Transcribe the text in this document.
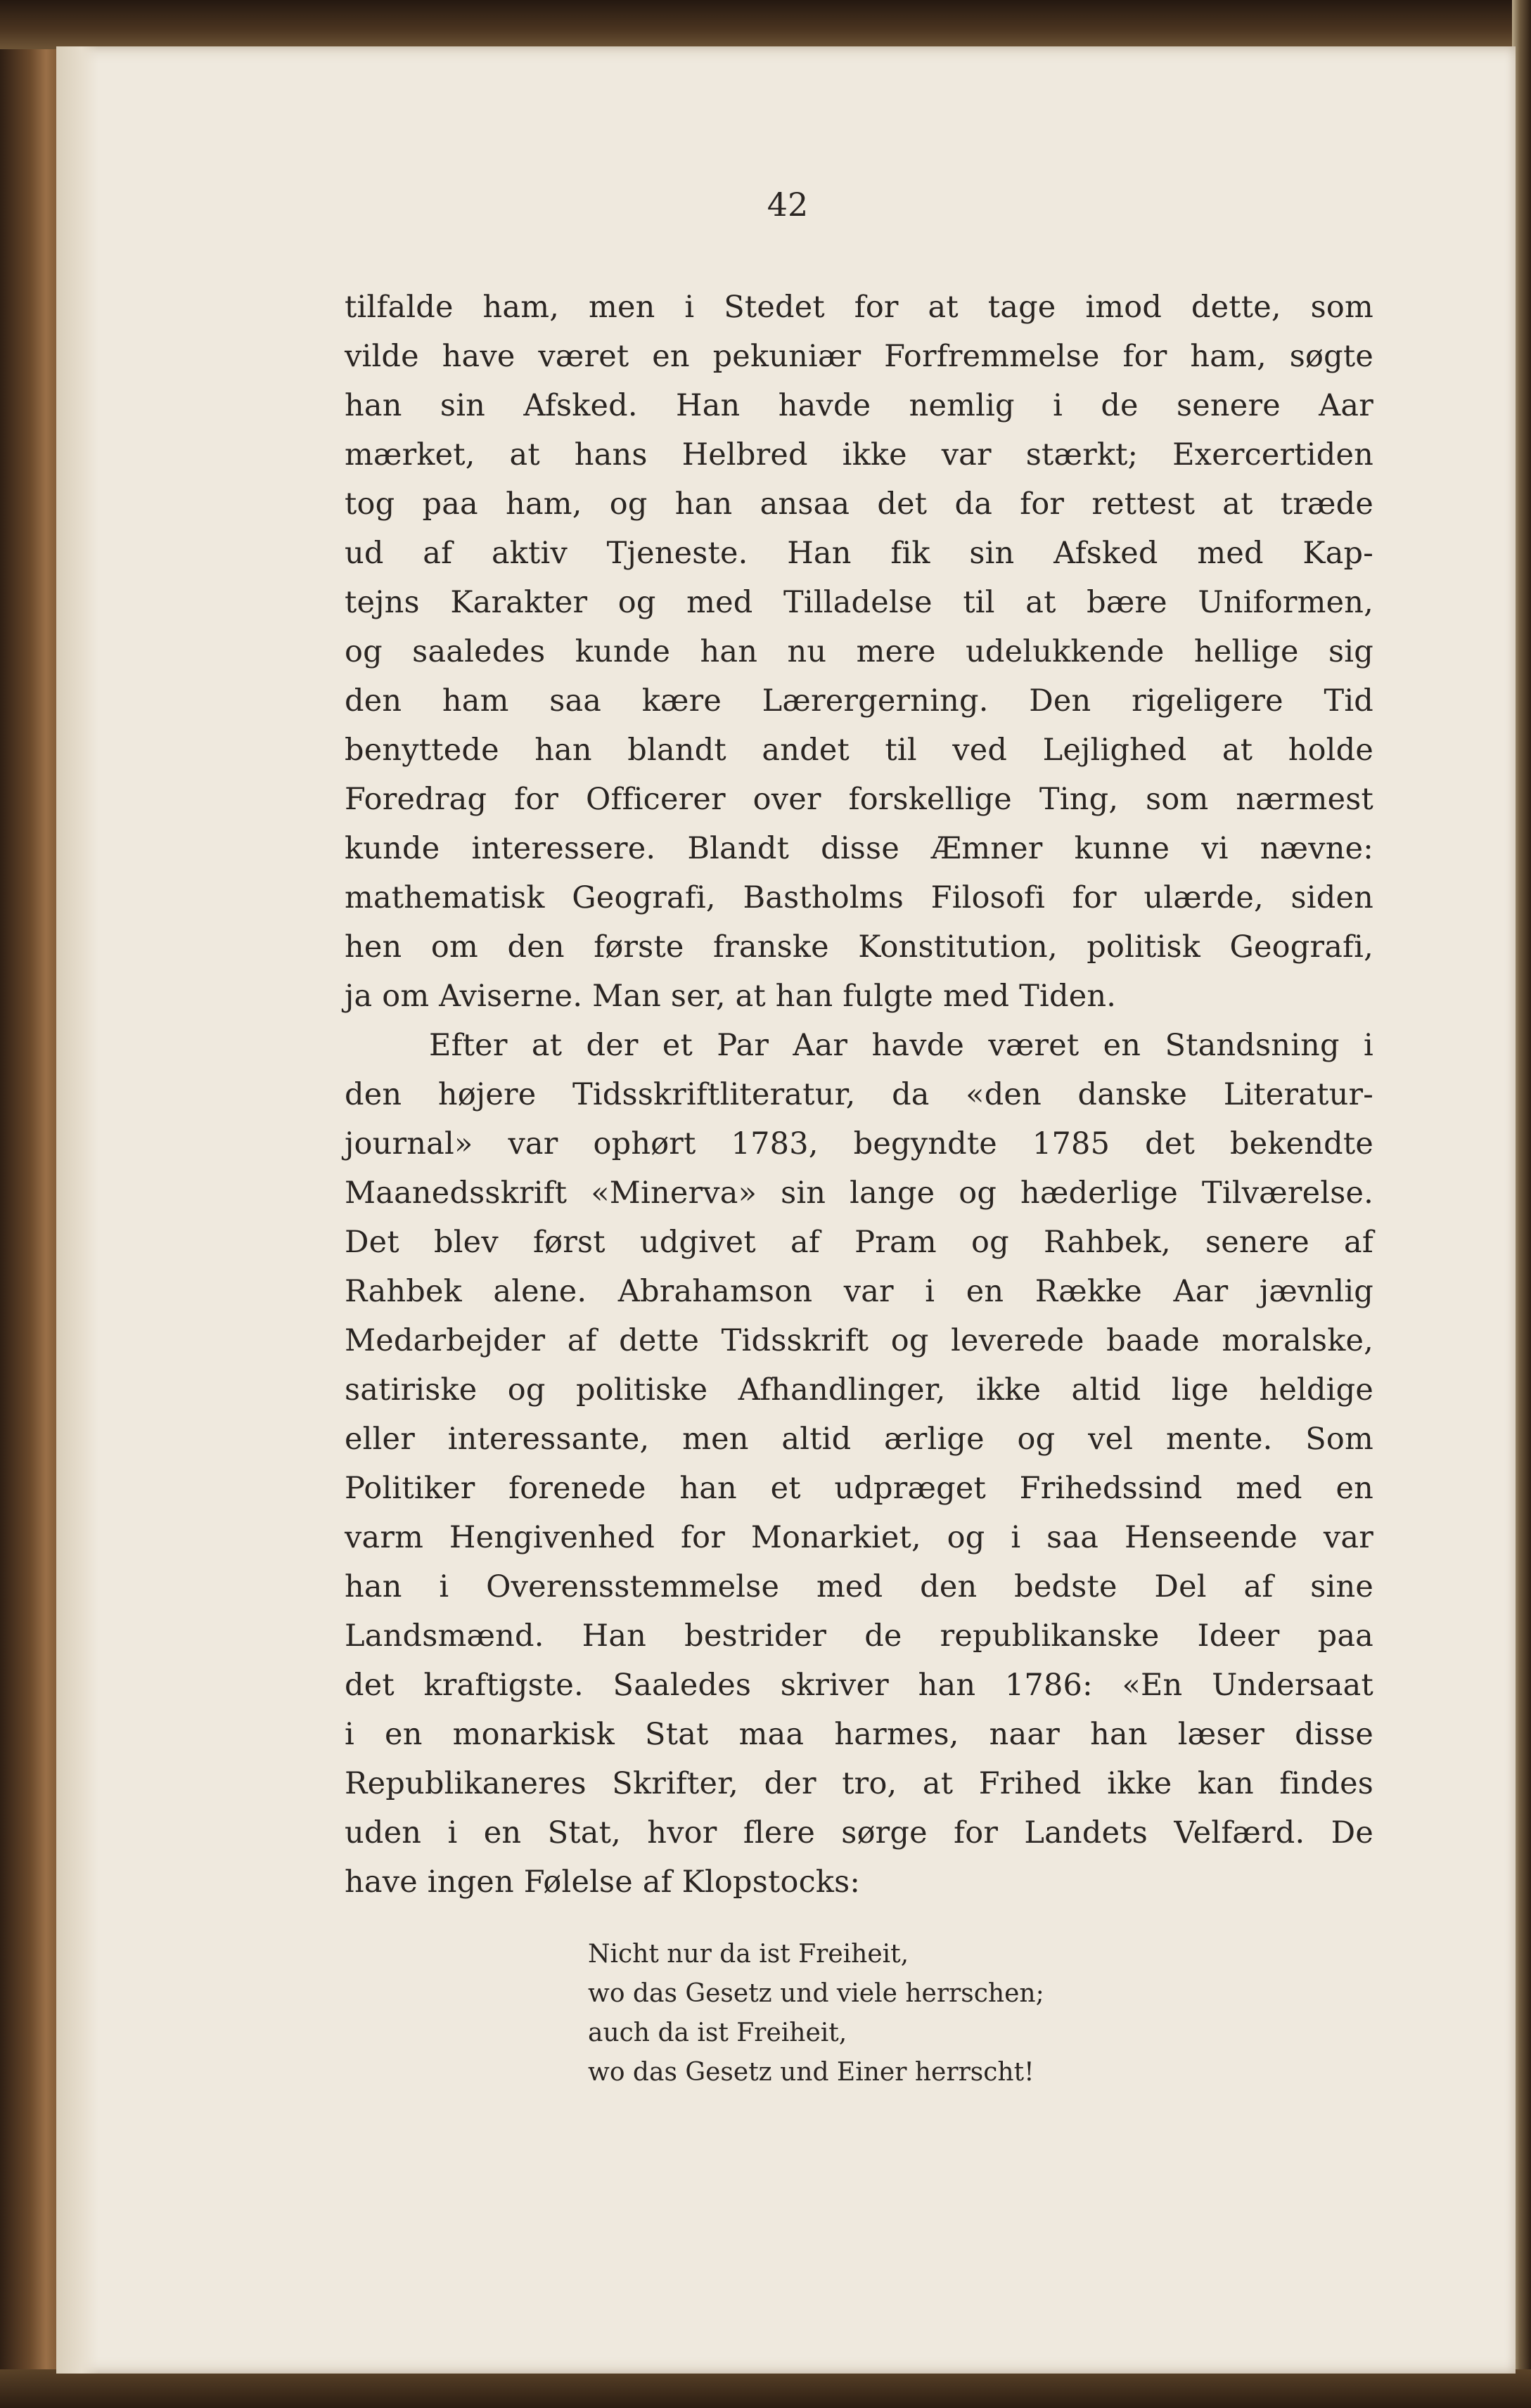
42
tilfalde ham, men i Stedet for at tage imod dette, som
vilde have været en pekuniær Forfremmelse for ham, søgte
han sin Afsked. Han havde nemlig i de senere Aar
mærket, at hans Helbred ikke var stærkt; Exercertiden
tog paa ham, og han ansaa det da for rettest at træde
ud af aktiv Tjeneste. Han fik sin Afsked med Kap-
tejns Karakter og med Tilladelse til at bære Uniformen,
og saaledes kunde han nu mere udelukkende hellige sig
den ham saa kære Lærergerning. Den rigeligere Tid
benyttede han blandt andet til ved Lejlighed at holde
Foredrag for Officerer over forskellige Ting, som nærmest
kunde interessere. Blandt disse Æmner kunne vi nævne:
mathematisk Geografi, Bastholms Filosofi for ulærde, siden
hen om den første franske Konstitution, politisk Geografi,
ja om Aviserne. Man ser, at han fulgte med Tiden.
Efter at der et Par Aar havde været en Standsning i
den højere Tidsskriftliteratur, da «den danske Literatur-
journal» var ophørt 1783, begyndte 1785 det bekendte
Maanedsskrift «Minerva» sin lange og hæderlige Tilværelse.
Det blev først udgivet af Pram og Rahbek, senere af
Rahbek alene. Abrahamson var i en Række Aar jævnlig
Medarbejder af dette Tidsskrift og leverede baade moralske,
satiriske og politiske Afhandlinger, ikke altid lige heldige
eller interessante, men altid ærlige og vel mente. Som
Politiker forenede han et udpræget Frihedssind med en
varm Hengivenhed for Monarkiet, og i saa Henseende var
han i Overensstemmelse med den bedste Del af sine
Landsmænd. Han bestrider de republikanske Ideer paa
det kraftigste. Saaledes skriver han 1786: «En Undersaat
i en monarkisk Stat maa harmes, naar han læser disse
Republikaneres Skrifter, der tro, at Frihed ikke kan findes
uden i en Stat, hvor flere sørge for Landets Velfærd. De
have ingen Følelse af Klopstocks:
Nicht nur da ist Freiheit,
wo das Gesetz und viele herrschen;
auch da ist Freiheit,
wo das Gesetz und Einer herrscht!
